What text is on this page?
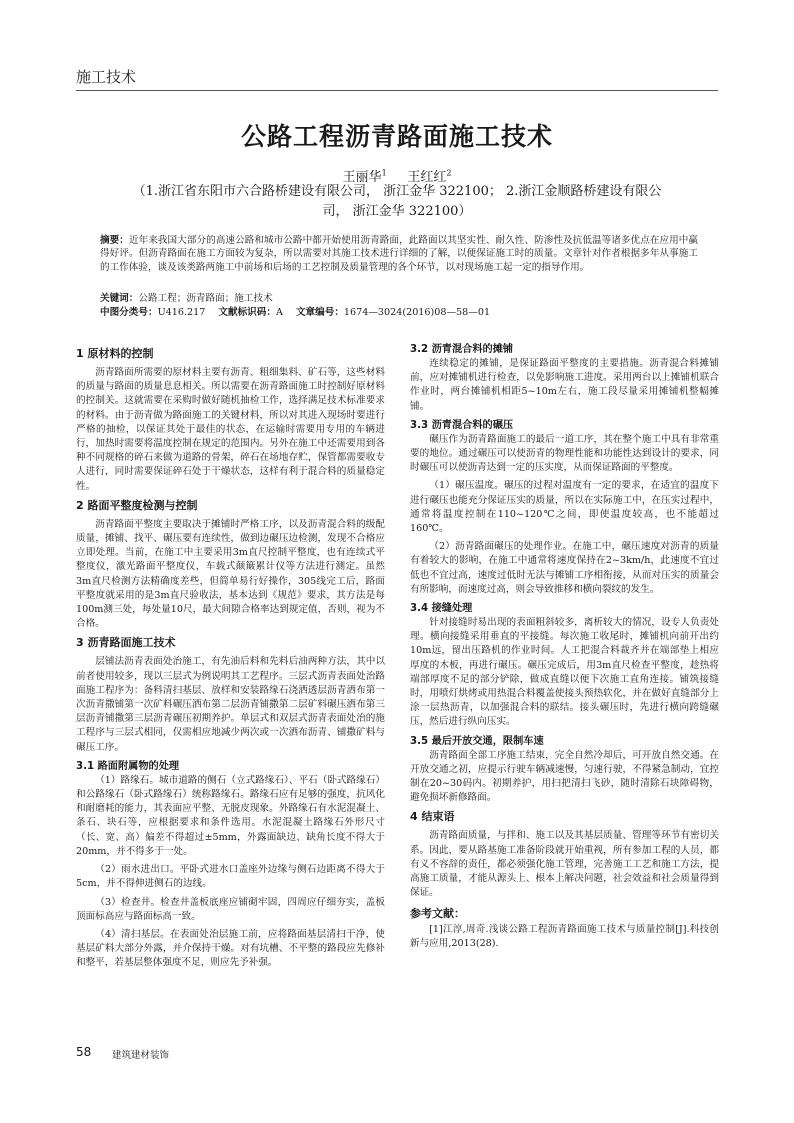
施工技术
公路工程沥青路面施工技术
王丽华$^1$ 王红红$^2$
（1.浙江省东阳市六合路桥建设有限公司， 浙江金华 322100； 2.浙江金顺路桥建设有限公司， 浙江金华 322100）
摘要：近年来我国大部分的高速公路和城市公路中都开始使用沥青路面，此路面以其坚实性、耐久性、防渗性及抗低温等诸多优点在应用中赢得好评。但沥青路面在施工方面较为复杂，所以需要对其施工技术进行详细的了解，以便保证施工时的质量。文章针对作者根据多年从事施工的工作体验，谈及该类路两施工中前场和后场的工艺控制及质量管理的各个环节，以对现场施工起一定的指导作用。
关键词：公路工程；沥青路面；施工技术
中图分类号：U416.217 文献标识码：A 文章编号：1674—3024(2016)08—58—01
1 原材料的控制

沥青路面所需要的原材料主要有沥青、粗细集料、矿石等，这些材料的质量与路面的质量息息相关。所以需要在沥青路面施工时控制好原材料的控制关。这就需要在采购时做好随机抽检工作，选择满足技术标准要求的材料。由于沥青做为路面施工的关键材料，所以对其进入现场时要进行严格的抽检，以保证其处于最佳的状态，在运输时需要用专用的车辆进行，加热时需要将温度控制在规定的范围内。另外在施工中还需要用到各种不同规格的碎石来做为道路的骨架，碎石在场地存贮，保管都需要收专人进行，同时需要保证碎石处于干燥状态，这样有利于混合料的质量稳定性。

2 路面平整度检测与控制

沥青路面平整度主要取决于摊铺时严格工序，以及沥青混合料的级配质量，摊铺、找平、碾压要有连续性，做到边碾压边检测，发现不合格应立即处理。当前，在施工中主要采用3m直尺控制平整度，也有连续式平整度仪，激光路面平整度仪，车载式颠簸累计仪等方法进行测定。虽然3m直尺检测方法精确度差些，但简单易行好操作，305线完工后，路面平整度就采用的是3m直尺验收法，基本达到《规范》要求，其方法是每100m测三处，每处量10尺，最大间隙合格率达到规定值，否则，视为不合格。

3 沥青路面施工技术

层铺法沥青表面处治施工，有先油后料和先料后油两种方法，其中以前者使用较多，现以三层式为例说明其工艺程序。三层式沥青表面处治路面施工程序为：备料清扫基层、放样和安装路缘石浇洒透层沥青洒布第一次沥青撒铺第一次矿料碾压洒布第二层沥青铺撒第二层矿料碾压洒布第三层沥青铺撒第三层沥青碾压初期养护。单层式和双层式沥青表面处治的施工程序与三层式相同，仅需相应地减少两次或一次洒布沥青、铺撒矿料与碾压工序。

3.1 路面附属物的处理

（1）路缘石。城市道路的侧石（立式路缘石）、平石（卧式路缘石）和公路缘石（卧式路缘石）统称路缘石。路缘石应有足够的强度，抗风化和耐磨耗的能力，其表面应平整、无脱皮现象。外路缘石有水泥混凝土、条石、块石等，应根据要求和条件选用。水泥混凝土路缘石外形尺寸（长、宽、高）偏差不得超过±5mm，外露面缺边、缺角长度不得大于20mm，并不得多于一处。

（2）雨水进出口。平卧式进水口盖座外边缘与侧石边距离不得大于5cm，并不得伸进侧石的边线。

（3）检查井。检查井盖板底座应铺砌牢固，四周应仔细夯实，盖板顶面标高应与路面标高一致。

（4）清扫基层。在表面处治层施工前，应将路面基层清扫干净，使基层矿料大部分外露，并介保持干燥。对有坑槽、不平整的路段应先修补和整平，若基层整体强度不足，则应先予补强。

3.2 沥青混合料的摊铺

连续稳定的摊铺，是保证路面平整度的主要措施。沥青混合料摊铺前，应对摊铺机进行检查，以免影响施工进度。采用两台以上摊铺机联合作业时，两台摊铺机相距5~10m左右，施工段尽量采用摊铺机整幅摊铺。

3.3 沥青混合料的碾压

碾压作为沥青路面施工的最后一道工序，其在整个施工中具有非常重要的地位。通过碾压可以使沥青的物理性能和功能性达到设计的要求，同时碾压可以使沥青达到一定的压实度，从而保证路面的平整度。

（1）碾压温度。碾压的过程对温度有一定的要求，在适宜的温度下进行碾压也能充分保证压实的质量，所以在实际施工中，在压实过程中，通常将温度控制在110~120℃之间，即使温度较高，也不能超过160℃。

（2）沥青路面碾压的处理作业。在施工中，碾压速度对沥青的质量有着较大的影响，在施工中通常将速度保持在2~3km/h，此速度不宜过低也不宜过高，速度过低时无法与摊铺工序相衔接，从而对压实的质量会有所影响，而速度过高，则会导致推移和横向裂纹的发生。

3.4 接缝处理

针对接缝时易出现的表面粗斜较多，离析较大的情况，设专人负责处理。横向接缝采用垂直的平接缝。每次施工收尾时，摊铺机向前开出约10m远，留出压路机的作业时间。人工把混合料裁齐并在端部垫上相应厚度的木板，再进行碾压。碾压完成后，用3m直尺检查平整度，趁热将端部厚度不足的部分铲除，做成直缝以便下次施工直角连接。铺筑接缝时，用喷灯烘烤或用热混合料覆盖使接头预热软化，并在做好直缝部分上涂一层热沥青，以加强混合料的联结。接头碾压时，先进行横向跨缝碾压，然后进行纵向压实。

3.5 最后开放交通，限制车速

沥青路面全部工序施工结束，完全自然冷却后，可开放自然交通。在开放交通之初，应提示行驶车辆减速慢，匀速行驶，不得紧急制动，宜控制在20~30码内。初期养护，用扫把清扫飞砂，随时清除石块障碍物，避免损坏新修路面。

4 结束语

沥青路面质量，与拌和、施工以及其基层质量、管理等环节有密切关系。因此，要从路基施工准备阶段就开始重视，所有参加工程的人员，都有义不容辞的责任，都必须强化施工管理，完善施工工艺和施工方法，提高施工质量，才能从源头上、根本上解决问题，社会效益和社会质量得到保证。

参考文献：

[1]江淳,周奇.浅谈公路工程沥青路面施工技术与质量控制[J].科技创新与应用,2013(28).

58 建筑建材装饰
